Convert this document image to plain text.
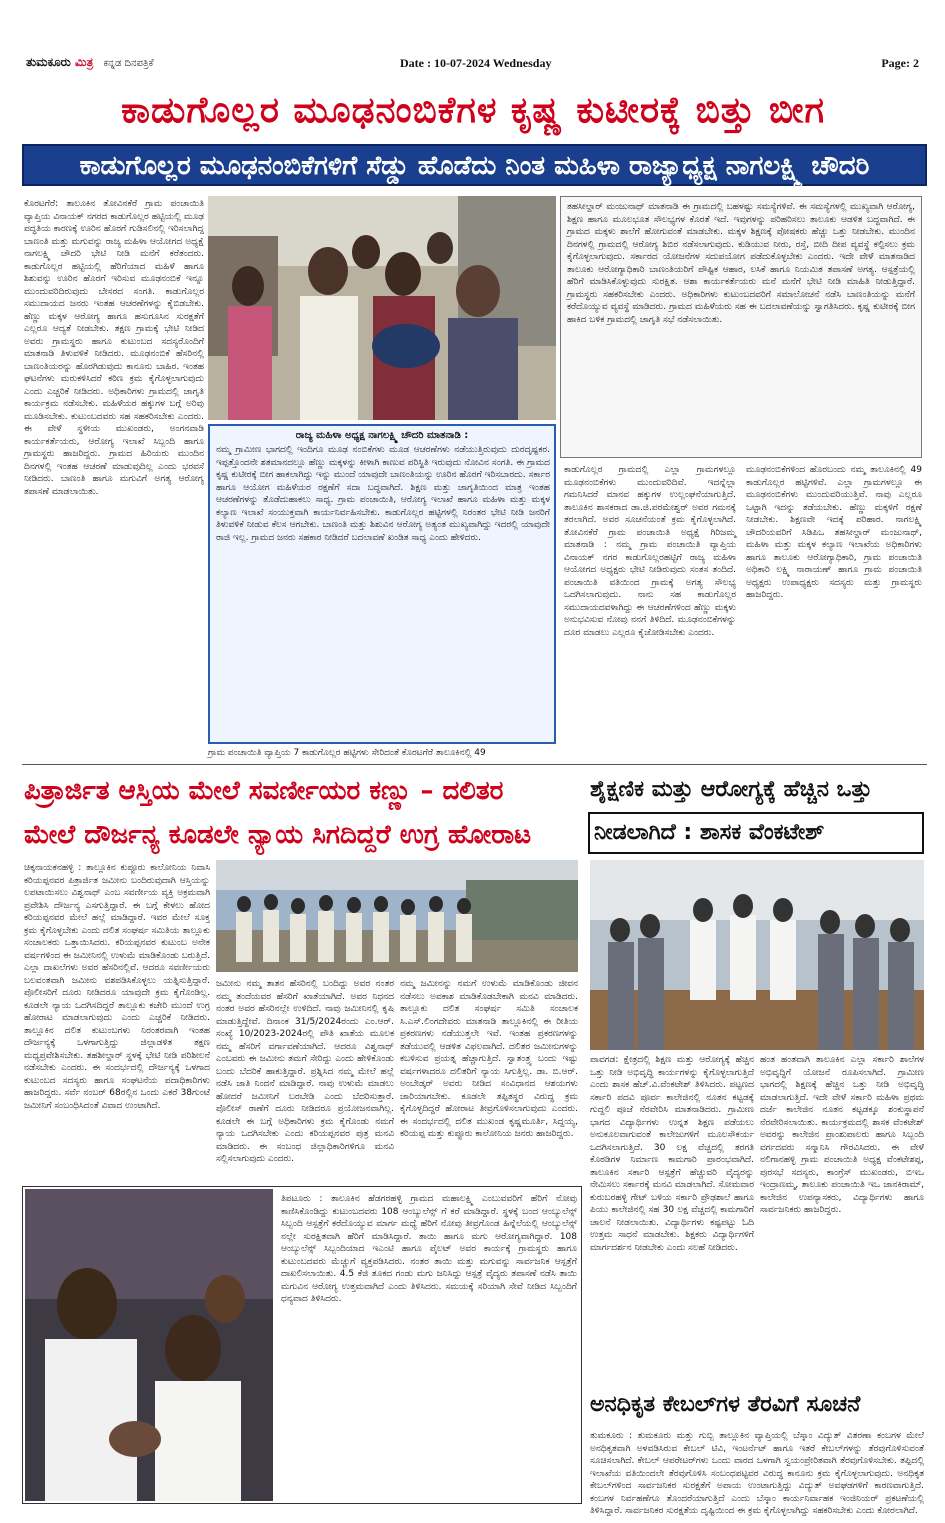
ತುಮಕೂರು ಮಿತ್ರ ಕನ್ನಡ ದಿನಪತ್ರಿಕೆ	Date : 10-07-2024 Wednesday	Page: 2
ಕಾಡುಗೊಲ್ಲರ ಮೂಢನಂಬಿಕೆಗಳ ಕೃಷ್ಣ ಕುಟೀರಕ್ಕೆ ಬಿತ್ತು ಬೀಗ
ಕಾಡುಗೊಲ್ಲರ ಮೂಢನಂಬಿಕೆಗಳಿಗೆ ಸೆಡ್ಡು ಹೊಡೆದು ನಿಂತ ಮಹಿಳಾ ರಾಜ್ಯಾಧ್ಯಕ್ಷ ನಾಗಲಕ್ಷ್ಮಿ ಚೌದರಿ
ಕೊರಟಗೆರೆ: ತಾಲೂಕಿನ ತೋವಿನಕೆರೆ ಗ್ರಾಮ ಪಂಚಾಯಿತಿ ವ್ಯಾಪ್ತಿಯ ವಿನಾಯಕ್ ನಗರದ ಕಾಡುಗೊಲ್ಲರ ಹಟ್ಟಿಯಲ್ಲಿ ಮೂಢ ಪದ್ಧತಿಯ ಕಾರಣಕ್ಕೆ ಊರಿನ ಹೊರಗೆ ಗುಡಿಸಲಿನಲ್ಲಿ ಇರಿಸಲಾಗಿದ್ದ ಬಾಣಂತಿ ಮತ್ತು ಮಗುವನ್ನು ರಾಜ್ಯ ಮಹಿಳಾ ಆಯೋಗದ ಅಧ್ಯಕ್ಷೆ ನಾಗಲಕ್ಷ್ಮಿ ಚೌದರಿ ಭೇಟಿ ನೀಡಿ ಮನೆಗೆ ಕರೆತಂದರು. ಕಾಡುಗೊಲ್ಲರ ಹಟ್ಟಿಯಲ್ಲಿ ಹೆರಿಗೆಯಾದ ಮಹಿಳೆ ಹಾಗೂ ಶಿಶುವನ್ನು ಊರಿನ ಹೊರಗೆ ಇರಿಸುವ ಮೂಢನಂಬಿಕೆ ಇನ್ನೂ ಮುಂದುವರಿದಿರುವುದು ಬೇಸರದ ಸಂಗತಿ. ಕಾಡುಗೊಲ್ಲರ ಸಮುದಾಯದ ಜನರು ಇಂತಹ ಆಚರಣೆಗಳನ್ನು ಕೈಬಿಡಬೇಕು. ಹೆಣ್ಣು ಮಕ್ಕಳ ಆರೋಗ್ಯ ಹಾಗೂ ಹಸುಗೂಸಿನ ಸುರಕ್ಷತೆಗೆ ಎಲ್ಲರೂ ಆದ್ಯತೆ ನೀಡಬೇಕು. ತಕ್ಷಣ ಗ್ರಾಮಕ್ಕೆ ಭೇಟಿ ನೀಡಿದ ಅವರು ಗ್ರಾಮಸ್ಥರು ಹಾಗೂ ಕುಟುಂಬದ ಸದಸ್ಯರೊಂದಿಗೆ ಮಾತನಾಡಿ ತಿಳುವಳಿಕೆ ನೀಡಿದರು. ಮೂಢನಂಬಿಕೆ ಹೆಸರಿನಲ್ಲಿ ಬಾಣಂತಿಯರನ್ನು ಹೊರಗಿಡುವುದು ಕಾನೂನು ಬಾಹಿರ. ಇಂತಹ ಘಟನೆಗಳು ಮರುಕಳಿಸಿದರೆ ಕಠಿಣ ಕ್ರಮ ಕೈಗೊಳ್ಳಲಾಗುವುದು ಎಂದು ಎಚ್ಚರಿಕೆ ನೀಡಿದರು. ಅಧಿಕಾರಿಗಳು ಗ್ರಾಮದಲ್ಲಿ ಜಾಗೃತಿ ಕಾರ್ಯಕ್ರಮ ನಡೆಸಬೇಕು. ಮಹಿಳೆಯರ ಹಕ್ಕುಗಳ ಬಗ್ಗೆ ಅರಿವು ಮೂಡಿಸಬೇಕು. ಕುಟುಂಬದವರು ಸಹ ಸಹಕರಿಸಬೇಕು ಎಂದರು. ಈ ವೇಳೆ ಸ್ಥಳೀಯ ಮುಖಂಡರು, ಅಂಗನವಾಡಿ ಕಾರ್ಯಕರ್ತೆಯರು, ಆರೋಗ್ಯ ಇಲಾಖೆ ಸಿಬ್ಬಂದಿ ಹಾಗೂ ಗ್ರಾಮಸ್ಥರು ಹಾಜರಿದ್ದರು. ಗ್ರಾಮದ ಹಿರಿಯರು ಮುಂದಿನ ದಿನಗಳಲ್ಲಿ ಇಂತಹ ಆಚರಣೆ ಮಾಡುವುದಿಲ್ಲ ಎಂದು ಭರವಸೆ ನೀಡಿದರು. ಬಾಣಂತಿ ಹಾಗೂ ಮಗುವಿಗೆ ಅಗತ್ಯ ಆರೋಗ್ಯ ತಪಾಸಣೆ ಮಾಡಲಾಯಿತು.
ರಾಜ್ಯ ಮಹಿಳಾ ಅಧ್ಯಕ್ಷ ನಾಗಲಕ್ಷ್ಮಿ ಚೌದರಿ ಮಾತನಾಡಿ :
ನಮ್ಮ ಗ್ರಾಮೀಣ ಭಾಗದಲ್ಲಿ ಇಂದಿಗೂ ಮೂಢ ನಂಬಿಕೆಗಳು ಮೂಡ ಆಚರಣೆಗಳು ನಡೆಯುತ್ತಿರುವುದು ದುರದೃಷ್ಟಕರ. ಇಪ್ಪತ್ತೊಂದನೇ ಶತಮಾನದಲ್ಲೂ ಹೆಣ್ಣು ಮಕ್ಕಳನ್ನು ಕೀಳಾಗಿ ಕಾಣುವ ಪರಿಸ್ಥಿತಿ ಇರುವುದು ನೋವಿನ ಸಂಗತಿ. ಈ ಗ್ರಾಮದ ಕೃಷ್ಣ ಕುಟೀರಕ್ಕೆ ಬೀಗ ಹಾಕಲಾಗಿದ್ದು ಇನ್ನು ಮುಂದೆ ಯಾವುದೇ ಬಾಣಂತಿಯನ್ನು ಊರಿನ ಹೊರಗೆ ಇರಿಸಬಾರದು. ಸರ್ಕಾರ ಹಾಗೂ ಆಯೋಗ ಮಹಿಳೆಯರ ರಕ್ಷಣೆಗೆ ಸದಾ ಬದ್ಧವಾಗಿದೆ. ಶಿಕ್ಷಣ ಮತ್ತು ಜಾಗೃತಿಯಿಂದ ಮಾತ್ರ ಇಂತಹ ಆಚರಣೆಗಳನ್ನು ತೊಡೆದುಹಾಕಲು ಸಾಧ್ಯ. ಗ್ರಾಮ ಪಂಚಾಯಿತಿ, ಆರೋಗ್ಯ ಇಲಾಖೆ ಹಾಗೂ ಮಹಿಳಾ ಮತ್ತು ಮಕ್ಕಳ ಕಲ್ಯಾಣ ಇಲಾಖೆ ಸಂಯುಕ್ತವಾಗಿ ಕಾರ್ಯನಿರ್ವಹಿಸಬೇಕು. ಕಾಡುಗೊಲ್ಲರ ಹಟ್ಟಿಗಳಲ್ಲಿ ನಿರಂತರ ಭೇಟಿ ನೀಡಿ ಜನರಿಗೆ ತಿಳುವಳಿಕೆ ನೀಡುವ ಕೆಲಸ ಆಗಬೇಕು. ಬಾಣಂತಿ ಮತ್ತು ಶಿಶುವಿನ ಆರೋಗ್ಯ ಅತ್ಯಂತ ಮುಖ್ಯವಾಗಿದ್ದು ಇದರಲ್ಲಿ ಯಾವುದೇ ರಾಜಿ ಇಲ್ಲ. ಗ್ರಾಮದ ಜನರು ಸಹಕಾರ ನೀಡಿದರೆ ಬದಲಾವಣೆ ಖಂಡಿತ ಸಾಧ್ಯ ಎಂದು ಹೇಳಿದರು.
ತಹಸೀಲ್ದಾರ್ ಮಂಜುನಾಥ್ ಮಾತನಾಡಿ ಈ ಗ್ರಾಮದಲ್ಲಿ ಬಹಳಷ್ಟು ಸಮಸ್ಯೆಗಳಿವೆ. ಈ ಸಮಸ್ಯೆಗಳಲ್ಲಿ ಮುಖ್ಯವಾಗಿ ಆರೋಗ್ಯ, ಶಿಕ್ಷಣ ಹಾಗೂ ಮೂಲಭೂತ ಸೌಲಭ್ಯಗಳ ಕೊರತೆ ಇದೆ. ಇವುಗಳನ್ನು ಪರಿಹರಿಸಲು ತಾಲೂಕು ಆಡಳಿತ ಬದ್ಧವಾಗಿದೆ. ಈ ಗ್ರಾಮದ ಮಕ್ಕಳು ಶಾಲೆಗೆ ಹೋಗುವಂತೆ ಮಾಡಬೇಕು. ಮಕ್ಕಳ ಶಿಕ್ಷಣಕ್ಕೆ ಪೋಷಕರು ಹೆಚ್ಚು ಒತ್ತು ನೀಡಬೇಕು. ಮುಂದಿನ ದಿನಗಳಲ್ಲಿ ಗ್ರಾಮದಲ್ಲಿ ಆರೋಗ್ಯ ಶಿಬಿರ ನಡೆಸಲಾಗುವುದು. ಕುಡಿಯುವ ನೀರು, ರಸ್ತೆ, ಬೀದಿ ದೀಪ ವ್ಯವಸ್ಥೆ ಕಲ್ಪಿಸಲು ಕ್ರಮ ಕೈಗೊಳ್ಳಲಾಗುವುದು. ಸರ್ಕಾರದ ಯೋಜನೆಗಳ ಸದುಪಯೋಗ ಪಡೆದುಕೊಳ್ಳಬೇಕು ಎಂದರು. ಇದೇ ವೇಳೆ ಮಾತನಾಡಿದ ತಾಲೂಕು ಆರೋಗ್ಯಾಧಿಕಾರಿ ಬಾಣಂತಿಯರಿಗೆ ಪೌಷ್ಟಿಕ ಆಹಾರ, ಲಸಿಕೆ ಹಾಗೂ ನಿಯಮಿತ ತಪಾಸಣೆ ಅಗತ್ಯ. ಆಸ್ಪತ್ರೆಯಲ್ಲಿ ಹೆರಿಗೆ ಮಾಡಿಸಿಕೊಳ್ಳುವುದು ಸುರಕ್ಷಿತ. ಆಶಾ ಕಾರ್ಯಕರ್ತೆಯರು ಮನೆ ಮನೆಗೆ ಭೇಟಿ ನೀಡಿ ಮಾಹಿತಿ ನೀಡುತ್ತಿದ್ದಾರೆ. ಗ್ರಾಮಸ್ಥರು ಸಹಕರಿಸಬೇಕು ಎಂದರು. ಅಧಿಕಾರಿಗಳು ಕುಟುಂಬದವರಿಗೆ ಸಮಾಲೋಚನೆ ನಡೆಸಿ ಬಾಣಂತಿಯನ್ನು ಮನೆಗೆ ಕರೆದೊಯ್ಯುವ ವ್ಯವಸ್ಥೆ ಮಾಡಿದರು. ಗ್ರಾಮದ ಮಹಿಳೆಯರು ಸಹ ಈ ಬದಲಾವಣೆಯನ್ನು ಸ್ವಾಗತಿಸಿದರು. ಕೃಷ್ಣ ಕುಟೀರಕ್ಕೆ ಬೀಗ ಹಾಕಿದ ಬಳಿಕ ಗ್ರಾಮದಲ್ಲಿ ಜಾಗೃತಿ ಸಭೆ ನಡೆಸಲಾಯಿತು.
ಕಾಡುಗೊಲ್ಲರ ಗ್ರಾಮದಲ್ಲಿ ಎಲ್ಲಾ ಗ್ರಾಮಗಳಲ್ಲೂ ಮೂಢನಂಬಿಕೆಗಳು ಮುಂದುವರಿದಿವೆ. ಇದನ್ನೆಲ್ಲಾ ಗಮನಿಸಿದರೆ ಮಾನವ ಹಕ್ಕುಗಳ ಉಲ್ಲಂಘನೆಯಾಗುತ್ತಿದೆ. ತಾಲೂಕಿನ ಶಾಸಕರಾದ ಡಾ.ಜಿ.ಪರಮೇಶ್ವರ್ ಅವರ ಗಮನಕ್ಕೆ ತರಲಾಗಿದೆ. ಅವರ ಸೂಚನೆಯಂತೆ ಕ್ರಮ ಕೈಗೊಳ್ಳಲಾಗಿದೆ. ತೋವಿನಕೆರೆ ಗ್ರಾಮ ಪಂಚಾಯಿತಿ ಅಧ್ಯಕ್ಷೆ ಗಿರಿಜಮ್ಮ ಮಾತನಾಡಿ : ನಮ್ಮ ಗ್ರಾಮ ಪಂಚಾಯಿತಿ ವ್ಯಾಪ್ತಿಯ ವಿನಾಯಕ್ ನಗರ ಕಾಡುಗೊಲ್ಲರಹಟ್ಟಿಗೆ ರಾಜ್ಯ ಮಹಿಳಾ ಆಯೋಗದ ಅಧ್ಯಕ್ಷರು ಭೇಟಿ ನೀಡಿರುವುದು ಸಂತಸ ತಂದಿದೆ. ಪಂಚಾಯಿತಿ ವತಿಯಿಂದ ಗ್ರಾಮಕ್ಕೆ ಅಗತ್ಯ ಸೌಲಭ್ಯ ಒದಗಿಸಲಾಗುವುದು. ನಾನು ಸಹ ಕಾಡುಗೊಲ್ಲರ ಸಮುದಾಯದವಳಾಗಿದ್ದು ಈ ಆಚರಣೆಗಳಿಂದ ಹೆಣ್ಣು ಮಕ್ಕಳು ಅನುಭವಿಸುವ ನೋವು ನನಗೆ ತಿಳಿದಿದೆ. ಮೂಢನಂಬಿಕೆಗಳನ್ನು ದೂರ ಮಾಡಲು ಎಲ್ಲರೂ ಕೈಜೋಡಿಸಬೇಕು ಎಂದರು.
ಮೂಢನಂಬಿಕೆಗಳಿಂದ ಹೊರಬಂದು ನಮ್ಮ ತಾಲೂಕಿನಲ್ಲಿ 49 ಕಾಡುಗೊಲ್ಲರ ಹಟ್ಟಿಗಳಿವೆ. ಎಲ್ಲಾ ಗ್ರಾಮಗಳಲ್ಲೂ ಈ ಮೂಢನಂಬಿಕೆಗಳು ಮುಂದುವರಿಯುತ್ತಿವೆ. ನಾವು ಎಲ್ಲರೂ ಒಟ್ಟಾಗಿ ಇದನ್ನು ತಡೆಯಬೇಕು. ಹೆಣ್ಣು ಮಕ್ಕಳಿಗೆ ರಕ್ಷಣೆ ನೀಡಬೇಕು. ಶಿಕ್ಷಣವೇ ಇದಕ್ಕೆ ಪರಿಹಾರ. ನಾಗಲಕ್ಷ್ಮಿ ಚೌದರಿಯವರಿಗೆ ಸಿಡಿಪಿಒ ತಹಸೀಲ್ದಾರ್ ಮಂಜುನಾಥ್, ಮಹಿಳಾ ಮತ್ತು ಮಕ್ಕಳ ಕಲ್ಯಾಣ ಇಲಾಖೆಯ ಅಧಿಕಾರಿಗಳು ಹಾಗೂ ತಾಲೂಕು ಆರೋಗ್ಯಾಧಿಕಾರಿ, ಗ್ರಾಮ ಪಂಚಾಯಿತಿ ಅಧಿಕಾರಿ ಲಕ್ಷ್ಮಿ ನಾರಾಯಣ್ ಹಾಗೂ ಗ್ರಾಮ ಪಂಚಾಯಿತಿ ಅಧ್ಯಕ್ಷರು ಉಪಾಧ್ಯಕ್ಷರು ಸದಸ್ಯರು ಮತ್ತು ಗ್ರಾಮಸ್ಥರು ಹಾಜರಿದ್ದರು.
ಗ್ರಾಮ ಪಂಚಾಯಿತಿ ವ್ಯಾಪ್ತಿಯ 7 ಕಾಡುಗೊಲ್ಲರ ಹಟ್ಟಿಗಳು ಸೇರಿದಂತೆ ಕೊರಟಗೆರೆ ತಾಲೂಕಿನಲ್ಲಿ 49
ಪಿತ್ರಾರ್ಜಿತ ಆಸ್ತಿಯ ಮೇಲೆ ಸವರ್ಣೀಯರ ಕಣ್ಣು – ದಲಿತರ
ಮೇಲೆ ದೌರ್ಜನ್ಯ ಕೂಡಲೇ ನ್ಯಾಯ ಸಿಗದಿದ್ದರೆ ಉಗ್ರ ಹೋರಾಟ
ಚಿಕ್ಕನಾಯಕನಹಳ್ಳಿ : ತಾಲ್ಲೂಕಿನ ಕುಪ್ಪೂರು ಕಾಲೋನಿಯ ನಿವಾಸಿ ಕರಿಯಪ್ಪನವರ ಪಿತ್ರಾರ್ಜಿತ ಜಮೀನು ಬಂದಿರುವುದಾಗಿ ಆಸ್ತಿಯನ್ನು ಲಪಟಾಯಿಸಲು ವಿಶ್ವನಾಥ್ ಎಂಬ ಸವರ್ಣೀಯ ವ್ಯಕ್ತಿ ಅಕ್ರಮವಾಗಿ ಪ್ರವೇಶಿಸಿ ದೌರ್ಜನ್ಯ ಎಸಗುತ್ತಿದ್ದಾರೆ. ಈ ಬಗ್ಗೆ ಕೇಳಲು ಹೋದ ಕರಿಯಪ್ಪನವರ ಮೇಲೆ ಹಲ್ಲೆ ಮಾಡಿದ್ದಾರೆ. ಇವರ ಮೇಲೆ ಸೂಕ್ತ ಕ್ರಮ ಕೈಗೊಳ್ಳಬೇಕು ಎಂದು ದಲಿತ ಸಂಘರ್ಷ ಸಮಿತಿಯ ತಾಲ್ಲೂಕು ಸಂಚಾಲಕರು ಒತ್ತಾಯಿಸಿದರು. ಕರಿಯಪ್ಪನವರ ಕುಟುಂಬ ಅನೇಕ ವರ್ಷಗಳಿಂದ ಈ ಜಮೀನಿನಲ್ಲಿ ಉಳುಮೆ ಮಾಡಿಕೊಂಡು ಬರುತ್ತಿದೆ. ಎಲ್ಲಾ ದಾಖಲೆಗಳು ಅವರ ಹೆಸರಿನಲ್ಲಿವೆ. ಆದರೂ ಸವರ್ಣೀಯರು ಬಲವಂತವಾಗಿ ಜಮೀನು ವಶಪಡಿಸಿಕೊಳ್ಳಲು ಯತ್ನಿಸುತ್ತಿದ್ದಾರೆ. ಪೊಲೀಸರಿಗೆ ದೂರು ನೀಡಿದರೂ ಯಾವುದೇ ಕ್ರಮ ಕೈಗೊಂಡಿಲ್ಲ. ಕೂಡಲೇ ನ್ಯಾಯ ಒದಗಿಸದಿದ್ದರೆ ತಾಲ್ಲೂಕು ಕಚೇರಿ ಮುಂದೆ ಉಗ್ರ ಹೋರಾಟ ಮಾಡಲಾಗುವುದು ಎಂದು ಎಚ್ಚರಿಕೆ ನೀಡಿದರು. ತಾಲ್ಲೂಕಿನ ದಲಿತ ಕುಟುಂಬಗಳು ನಿರಂತರವಾಗಿ ಇಂತಹ ದೌರ್ಜನ್ಯಕ್ಕೆ ಒಳಗಾಗುತ್ತಿದ್ದು ಜಿಲ್ಲಾಡಳಿತ ತಕ್ಷಣ ಮಧ್ಯಪ್ರವೇಶಿಸಬೇಕು. ತಹಶೀಲ್ದಾರ್ ಸ್ಥಳಕ್ಕೆ ಭೇಟಿ ನೀಡಿ ಪರಿಶೀಲನೆ ನಡೆಸಬೇಕು ಎಂದರು. ಈ ಸಂದರ್ಭದಲ್ಲಿ ದೌರ್ಜನ್ಯಕ್ಕೆ ಒಳಗಾದ ಕುಟುಂಬದ ಸದಸ್ಯರು ಹಾಗೂ ಸಂಘಟನೆಯ ಪದಾಧಿಕಾರಿಗಳು ಹಾಜರಿದ್ದರು. ಸರ್ವೆ ನಂಬರ್ 68ರಲ್ಲಿನ ಒಂದು ಎಕರೆ 38ಗುಂಟೆ ಜಮೀನಿಗೆ ಸಂಬಂಧಿಸಿದಂತೆ ವಿವಾದ ಉಂಟಾಗಿದೆ.
ಜಮೀನು ನಮ್ಮ ತಾತನ ಹೆಸರಿನಲ್ಲಿ ಬಂದಿದ್ದು ಅವರ ನಂತರ ನಮ್ಮ ತಂದೆಯವರ ಹೆಸರಿಗೆ ಖಾತೆಯಾಗಿದೆ. ಅವರ ನಿಧನದ ನಂತರ ಅವರ ಹೆಸರಿನಲ್ಲೇ ಉಳಿದಿದೆ. ನಾವು ಜಮೀನಿನಲ್ಲಿ ಕೃಷಿ ಮಾಡುತ್ತಿದ್ದೇವೆ. ದಿನಾಂಕ 31/5/2024ರಂದು ಎಂ.ಆರ್. ಸಂಖ್ಯೆ 10/2023-2024ರಲ್ಲಿ ಪೌತಿ ಖಾತೆಯ ಮೂಲಕ ನಮ್ಮ ಹೆಸರಿಗೆ ವರ್ಗಾವಣೆಯಾಗಿದೆ. ಆದರೂ ವಿಶ್ವನಾಥ್ ಎಂಬವರು ಈ ಜಮೀನು ತಮಗೆ ಸೇರಿದ್ದು ಎಂದು ಹೇಳಿಕೊಂಡು ಬಂದು ಬೆದರಿಕೆ ಹಾಕುತ್ತಿದ್ದಾರೆ. ಪ್ರಶ್ನಿಸಿದ ನಮ್ಮ ಮೇಲೆ ಹಲ್ಲೆ ನಡೆಸಿ ಜಾತಿ ನಿಂದನೆ ಮಾಡಿದ್ದಾರೆ. ನಾವು ಉಳುಮೆ ಮಾಡಲು ಹೋದರೆ ಜಮೀನಿಗೆ ಬರಬೇಡಿ ಎಂದು ಬೆದರಿಸುತ್ತಾರೆ. ಪೊಲೀಸ್ ಠಾಣೆಗೆ ದೂರು ನೀಡಿದರೂ ಪ್ರಯೋಜನವಾಗಿಲ್ಲ. ಕೂಡಲೇ ಈ ಬಗ್ಗೆ ಅಧಿಕಾರಿಗಳು ಕ್ರಮ ಕೈಗೊಂಡು ನಮಗೆ ನ್ಯಾಯ ಒದಗಿಸಬೇಕು ಎಂದು ಕರಿಯಪ್ಪನವರ ಪುತ್ರ ಮನವಿ ಮಾಡಿದರು. ಈ ಸಂಬಂಧ ಜಿಲ್ಲಾಧಿಕಾರಿಗಳಿಗೂ ಮನವಿ ಸಲ್ಲಿಸಲಾಗುವುದು ಎಂದರು.
ನಮ್ಮ ಜಮೀನನ್ನು ನಮಗೆ ಉಳುಮೆ ಮಾಡಿಕೊಂಡು ಜೀವನ ನಡೆಸಲು ಅವಕಾಶ ಮಾಡಿಕೊಡಬೇಕಾಗಿ ಮನವಿ ಮಾಡಿದರು. ತಾಲ್ಲೂಕು ದಲಿತ ಸಂಘರ್ಷ ಸಮಿತಿ ಸಂಚಾಲಕ ಸಿ.ಎಸ್.ಲಿಂಗದೇವರು ಮಾತನಾಡಿ ತಾಲ್ಲೂಕಿನಲ್ಲಿ ಈ ರೀತಿಯ ಪ್ರಕರಣಗಳು ನಡೆಯುತ್ತಲೇ ಇವೆ. ಇಂತಹ ಪ್ರಕರಣಗಳನ್ನು ತಡೆಯುವಲ್ಲಿ ಆಡಳಿತ ವಿಫಲವಾಗಿದೆ. ದಲಿತರ ಜಮೀನುಗಳನ್ನು ಕಬಳಿಸುವ ಪ್ರಯತ್ನ ಹೆಚ್ಚಾಗುತ್ತಿದೆ. ಸ್ವಾತಂತ್ರ್ಯ ಬಂದು ಇಷ್ಟು ವರ್ಷಗಳಾದರೂ ದಲಿತರಿಗೆ ನ್ಯಾಯ ಸಿಗುತ್ತಿಲ್ಲ. ಡಾ. ಬಿ.ಆರ್. ಅಂಬೇಡ್ಕರ್ ಅವರು ನೀಡಿದ ಸಂವಿಧಾನದ ಆಶಯಗಳು ಜಾರಿಯಾಗಬೇಕು. ಕೂಡಲೇ ತಪ್ಪಿತಸ್ಥರ ವಿರುದ್ಧ ಕ್ರಮ ಕೈಗೊಳ್ಳದಿದ್ದರೆ ಹೋರಾಟ ತೀವ್ರಗೊಳಿಸಲಾಗುವುದು ಎಂದರು. ಈ ಸಂದರ್ಭದಲ್ಲಿ ದಲಿತ ಮುಖಂಡ ಕೃಷ್ಣಮೂರ್ತಿ, ಸಿದ್ದಯ್ಯ, ಕರಿಯಪ್ಪ ಮತ್ತು ಕುಪ್ಪೂರು ಕಾಲೋನಿಯ ಜನರು ಹಾಜರಿದ್ದರು.
ಶೈಕ್ಷಣಿಕ ಮತ್ತು ಆರೋಗ್ಯಕ್ಕೆ ಹೆಚ್ಚಿನ ಒತ್ತು
ನೀಡಲಾಗಿದೆ : ಶಾಸಕ ವೆಂಕಟೇಶ್
ಪಾವಗಡ: ಕ್ಷೇತ್ರದಲ್ಲಿ ಶಿಕ್ಷಣ ಮತ್ತು ಆರೋಗ್ಯಕ್ಕೆ ಹೆಚ್ಚಿನ ಒತ್ತು ನೀಡಿ ಅಭಿವೃದ್ಧಿ ಕಾರ್ಯಗಳನ್ನು ಕೈಗೊಳ್ಳಲಾಗುತ್ತಿದೆ ಎಂದು ಶಾಸಕ ಹೆಚ್.ವಿ.ವೆಂಕಟೇಶ್ ತಿಳಿಸಿದರು. ಪಟ್ಟಣದ ಸರ್ಕಾರಿ ಪದವಿ ಪೂರ್ವ ಕಾಲೇಜಿನಲ್ಲಿ ನೂತನ ಕಟ್ಟಡಕ್ಕೆ ಗುದ್ದಲಿ ಪೂಜೆ ನೆರವೇರಿಸಿ ಮಾತನಾಡಿದರು. ಗ್ರಾಮೀಣ ಭಾಗದ ವಿದ್ಯಾರ್ಥಿಗಳು ಉನ್ನತ ಶಿಕ್ಷಣ ಪಡೆಯಲು ಅನುಕೂಲವಾಗುವಂತೆ ಕಾಲೇಜುಗಳಿಗೆ ಮೂಲಸೌಕರ್ಯ ಒದಗಿಸಲಾಗುತ್ತಿದೆ. 30 ಲಕ್ಷ ವೆಚ್ಚದಲ್ಲಿ ತರಗತಿ ಕೊಠಡಿಗಳ ನಿರ್ಮಾಣ ಕಾಮಗಾರಿ ಪ್ರಾರಂಭವಾಗಿದೆ. ತಾಲೂಕಿನ ಸರ್ಕಾರಿ ಆಸ್ಪತ್ರೆಗೆ ಹೆಚ್ಚುವರಿ ವೈದ್ಯರನ್ನು ನೇಮಿಸಲು ಸರ್ಕಾರಕ್ಕೆ ಮನವಿ ಮಾಡಲಾಗಿದೆ. ಸೋಮವಾರ ಕುರುಬರಹಳ್ಳಿ ಗೇಟ್ ಬಳಿಯ ಸರ್ಕಾರಿ ಪ್ರೌಢಶಾಲೆ ಹಾಗೂ ಪಿಯು ಕಾಲೇಜಿನಲ್ಲಿ ಸಹ 30 ಲಕ್ಷ ವೆಚ್ಚದಲ್ಲಿ ಕಾಮಗಾರಿಗೆ ಚಾಲನೆ ನೀಡಲಾಯಿತು. ವಿದ್ಯಾರ್ಥಿಗಳು ಕಷ್ಟಪಟ್ಟು ಓದಿ ಉತ್ತಮ ಸಾಧನೆ ಮಾಡಬೇಕು. ಶಿಕ್ಷಕರು ವಿದ್ಯಾರ್ಥಿಗಳಿಗೆ ಮಾರ್ಗದರ್ಶನ ನೀಡಬೇಕು ಎಂದು ಸಲಹೆ ನೀಡಿದರು.
ಹಂತ ಹಂತವಾಗಿ ತಾಲೂಕಿನ ಎಲ್ಲಾ ಸರ್ಕಾರಿ ಶಾಲೆಗಳ ಅಭಿವೃದ್ಧಿಗೆ ಯೋಜನೆ ರೂಪಿಸಲಾಗಿದೆ. ಗ್ರಾಮೀಣ ಭಾಗದಲ್ಲಿ ಶಿಕ್ಷಣಕ್ಕೆ ಹೆಚ್ಚಿನ ಒತ್ತು ನೀಡಿ ಅಭಿವೃದ್ಧಿ ಮಾಡಲಾಗುತ್ತಿದೆ. ಇದೇ ವೇಳೆ ಸರ್ಕಾರಿ ಮಹಿಳಾ ಪ್ರಥಮ ದರ್ಜೆ ಕಾಲೇಜಿನ ನೂತನ ಕಟ್ಟಡಕ್ಕೂ ಶಂಕುಸ್ಥಾಪನೆ ನೆರವೇರಿಸಲಾಯಿತು. ಕಾರ್ಯಕ್ರಮದಲ್ಲಿ ಶಾಸಕ ವೆಂಕಟೇಶ್ ಅವರನ್ನು ಕಾಲೇಜಿನ ಪ್ರಾಂಶುಪಾಲರು ಹಾಗೂ ಸಿಬ್ಬಂದಿ ವರ್ಗದವರು ಸನ್ಮಾನಿಸಿ ಗೌರವಿಸಿದರು. ಈ ವೇಳೆ ನಲಿಗಾನಹಳ್ಳಿ ಗ್ರಾಮ ಪಂಚಾಯಿತಿ ಅಧ್ಯಕ್ಷ ವೆಂಕಟೇಶಪ್ಪ, ಪುರಸಭೆ ಸದಸ್ಯರು, ಕಾಂಗ್ರೆಸ್ ಮುಖಂಡರು, ಬಿಇಒ ಇಂದ್ರಾಣಮ್ಮ, ತಾಲೂಕು ಪಂಚಾಯಿತಿ ಇಒ ಜಾನಕಿರಾಮ್, ಕಾಲೇಜಿನ ಉಪನ್ಯಾಸಕರು, ವಿದ್ಯಾರ್ಥಿಗಳು ಹಾಗೂ ಸಾರ್ವಜನಿಕರು ಹಾಜರಿದ್ದರು.
ತಿಪಟೂರು : ತಾಲೂಕಿನ ಹೆಡಗರಹಳ್ಳಿ ಗ್ರಾಮದ ಮಹಾಲಕ್ಷ್ಮಿ ಎಂಬುವವರಿಗೆ ಹೆರಿಗೆ ನೋವು ಕಾಣಿಸಿಕೊಂಡಿದ್ದು ಕುಟುಂಬದವರು 108 ಆಂಬ್ಯುಲೆನ್ಸ್ ಗೆ ಕರೆ ಮಾಡಿದ್ದಾರೆ. ಸ್ಥಳಕ್ಕೆ ಬಂದ ಆಂಬ್ಯುಲೆನ್ಸ್ ಸಿಬ್ಬಂದಿ ಆಸ್ಪತ್ರೆಗೆ ಕರೆದೊಯ್ಯುವ ಮಾರ್ಗ ಮಧ್ಯೆ ಹೆರಿಗೆ ನೋವು ತೀವ್ರಗೊಂಡ ಹಿನ್ನೆಲೆಯಲ್ಲಿ ಆಂಬ್ಯುಲೆನ್ಸ್ ನಲ್ಲೇ ಸುರಕ್ಷಿತವಾಗಿ ಹೆರಿಗೆ ಮಾಡಿಸಿದ್ದಾರೆ. ತಾಯಿ ಹಾಗೂ ಮಗು ಆರೋಗ್ಯವಾಗಿದ್ದಾರೆ. 108 ಆಂಬ್ಯುಲೆನ್ಸ್ ಸಿಬ್ಬಂದಿಯಾದ ಇಎಂಟಿ ಹಾಗೂ ಪೈಲಟ್ ಅವರ ಕಾರ್ಯಕ್ಕೆ ಗ್ರಾಮಸ್ಥರು ಹಾಗೂ ಕುಟುಂಬದವರು ಮೆಚ್ಚುಗೆ ವ್ಯಕ್ತಪಡಿಸಿದರು. ನಂತರ ತಾಯಿ ಮತ್ತು ಮಗುವನ್ನು ಸಾರ್ವಜನಿಕ ಆಸ್ಪತ್ರೆಗೆ ದಾಖಲಿಸಲಾಯಿತು. 4.5 ಕೆಜಿ ತೂಕದ ಗಂಡು ಮಗು ಜನಿಸಿದ್ದು ಆಸ್ಪತ್ರೆ ವೈದ್ಯರು ತಪಾಸಣೆ ನಡೆಸಿ ತಾಯಿ ಮಗುವಿನ ಆರೋಗ್ಯ ಉತ್ತಮವಾಗಿದೆ ಎಂದು ತಿಳಿಸಿದರು. ಸಮಯಕ್ಕೆ ಸರಿಯಾಗಿ ಸೇವೆ ನೀಡಿದ ಸಿಬ್ಬಂದಿಗೆ ಧನ್ಯವಾದ ತಿಳಿಸಿದರು.
ಅನಧಿಕೃತ ಕೇಬಲ್‌ಗಳ ತೆರವಿಗೆ ಸೂಚನೆ
ತುಮಕೂರು : ತುಮಕೂರು ಮತ್ತು ಗುಬ್ಬಿ ತಾಲ್ಲೂಕಿನ ವ್ಯಾಪ್ತಿಯಲ್ಲಿ ಬೆಸ್ಕಾಂ ವಿದ್ಯುತ್ ವಿತರಣಾ ಕಂಬಗಳ ಮೇಲೆ ಅನಧಿಕೃತವಾಗಿ ಅಳವಡಿಸಿರುವ ಕೇಬಲ್ ಟಿವಿ, ಇಂಟರ್ನೆಟ್ ಹಾಗೂ ಇತರೆ ಕೇಬಲ್‌ಗಳನ್ನು ತೆರವುಗೊಳಿಸುವಂತೆ ಸೂಚಿಸಲಾಗಿದೆ. ಕೇಬಲ್ ಆಪರೇಟರ್‌ಗಳು ಒಂದು ವಾರದ ಒಳಗಾಗಿ ಸ್ವಯಂಪ್ರೇರಿತವಾಗಿ ತೆರವುಗೊಳಿಸಬೇಕು. ತಪ್ಪಿದಲ್ಲಿ ಇಲಾಖೆಯ ವತಿಯಿಂದಲೇ ತೆರವುಗೊಳಿಸಿ ಸಂಬಂಧಪಟ್ಟವರ ವಿರುದ್ಧ ಕಾನೂನು ಕ್ರಮ ಕೈಗೊಳ್ಳಲಾಗುವುದು. ಅನಧಿಕೃತ ಕೇಬಲ್‌ಗಳಿಂದ ಸಾರ್ವಜನಿಕರ ಸುರಕ್ಷತೆಗೆ ಅಪಾಯ ಉಂಟಾಗುತ್ತಿದ್ದು ವಿದ್ಯುತ್ ಅವಘಡಗಳಿಗೆ ಕಾರಣವಾಗುತ್ತಿದೆ. ಕಂಬಗಳ ನಿರ್ವಹಣೆಗೂ ತೊಂದರೆಯಾಗುತ್ತಿದೆ ಎಂದು ಬೆಸ್ಕಾಂ ಕಾರ್ಯನಿರ್ವಾಹಕ ಇಂಜಿನಿಯರ್ ಪ್ರಕಟಣೆಯಲ್ಲಿ ತಿಳಿಸಿದ್ದಾರೆ. ಸಾರ್ವಜನಿಕರ ಸುರಕ್ಷತೆಯ ದೃಷ್ಟಿಯಿಂದ ಈ ಕ್ರಮ ಕೈಗೊಳ್ಳಲಾಗಿದ್ದು ಸಹಕರಿಸಬೇಕು ಎಂದು ಕೋರಲಾಗಿದೆ.
